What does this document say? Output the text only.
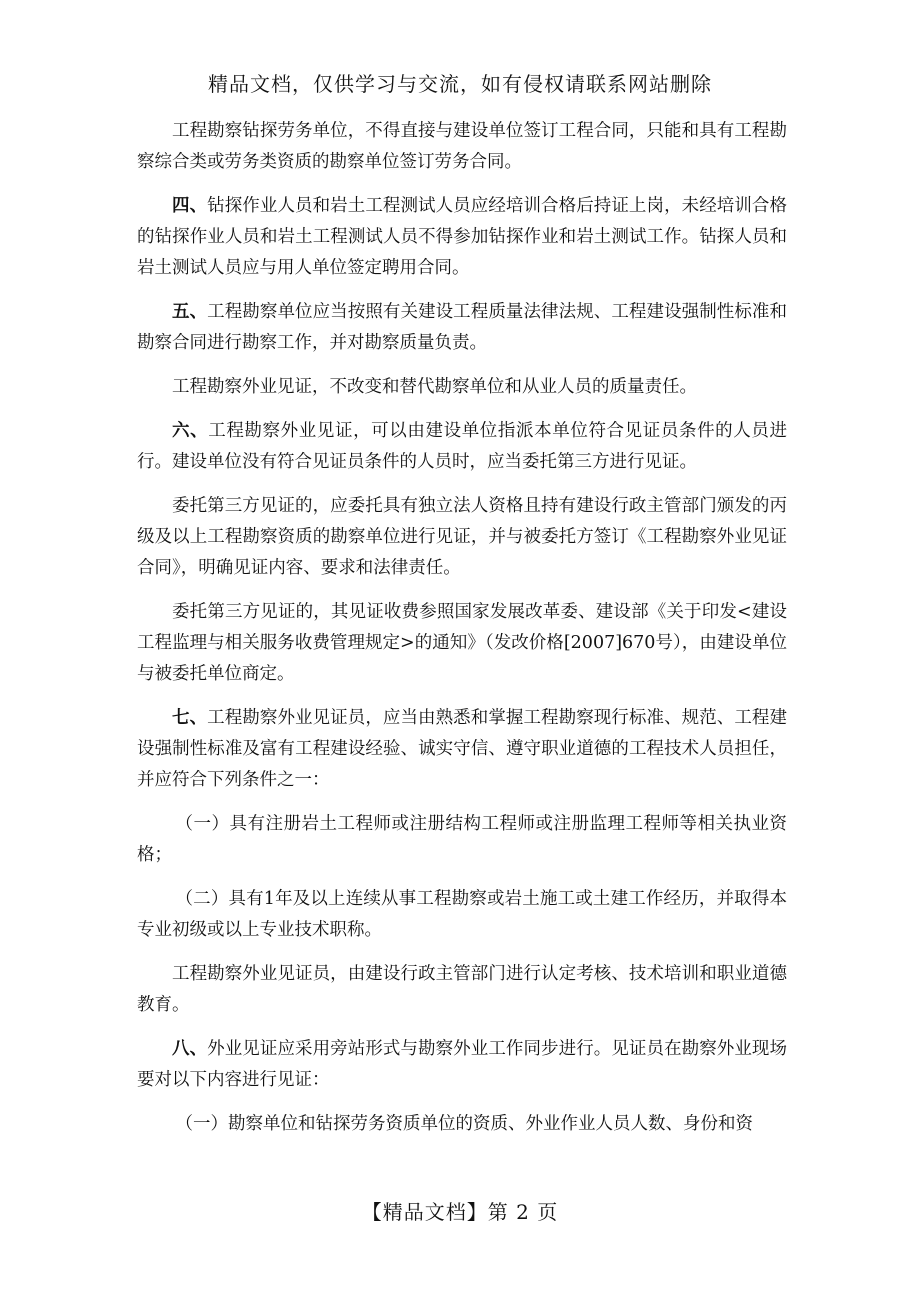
精品文档，仅供学习与交流，如有侵权请联系网站删除

工程勘察钻探劳务单位，不得直接与建设单位签订工程合同，只能和具有工程勘察综合类或劳务类资质的勘察单位签订劳务合同。

四、钻探作业人员和岩土工程测试人员应经培训合格后持证上岗，未经培训合格的钻探作业人员和岩土工程测试人员不得参加钻探作业和岩土测试工作。钻探人员和岩土测试人员应与用人单位签定聘用合同。

五、工程勘察单位应当按照有关建设工程质量法律法规、工程建设强制性标准和勘察合同进行勘察工作，并对勘察质量负责。

工程勘察外业见证，不改变和替代勘察单位和从业人员的质量责任。

六、工程勘察外业见证，可以由建设单位指派本单位符合见证员条件的人员进行。建设单位没有符合见证员条件的人员时，应当委托第三方进行见证。

委托第三方见证的，应委托具有独立法人资格且持有建设行政主管部门颁发的丙级及以上工程勘察资质的勘察单位进行见证，并与被委托方签订《工程勘察外业见证合同》，明确见证内容、要求和法律责任。

委托第三方见证的，其见证收费参照国家发展改革委、建设部《关于印发<建设工程监理与相关服务收费管理规定>的通知》（发改价格[2007]670号），由建设单位与被委托单位商定。

七、工程勘察外业见证员，应当由熟悉和掌握工程勘察现行标准、规范、工程建设强制性标准及富有工程建设经验、诚实守信、遵守职业道德的工程技术人员担任，并应符合下列条件之一：

（一）具有注册岩土工程师或注册结构工程师或注册监理工程师等相关执业资格；

（二）具有1年及以上连续从事工程勘察或岩土施工或土建工作经历，并取得本专业初级或以上专业技术职称。

工程勘察外业见证员，由建设行政主管部门进行认定考核、技术培训和职业道德教育。

八、外业见证应采用旁站形式与勘察外业工作同步进行。见证员在勘察外业现场要对以下内容进行见证：

（一）勘察单位和钻探劳务资质单位的资质、外业作业人员人数、身份和资

【精品文档】第 2 页
